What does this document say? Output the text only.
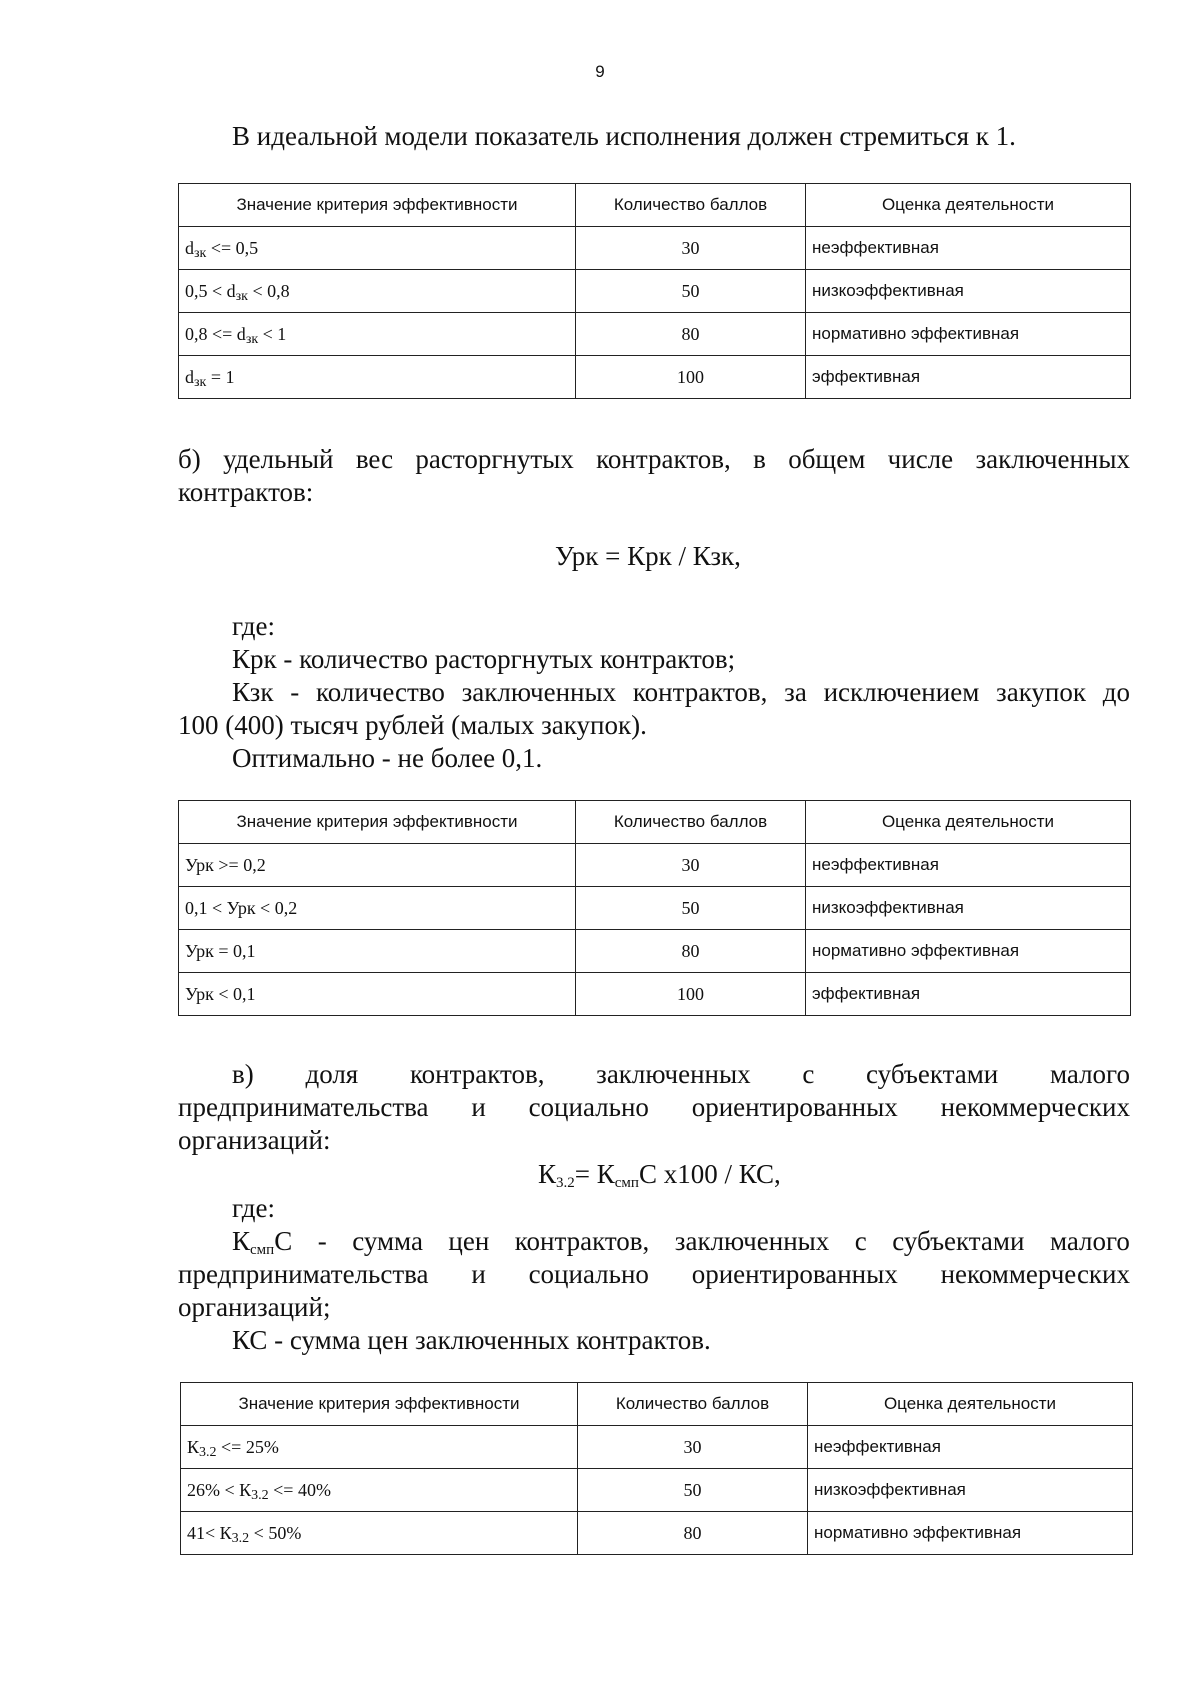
9
В идеальной модели показатель исполнения должен стремиться к 1.
Значение критерия эффективности	Количество баллов	Оценка деятельности
$d_{зк} <= 0,5$	30	неэффективная
$0,5 < d_{зк} < 0,8$	50	низкоэффективная
$0,8 <= d_{зк} < 1$	80	нормативно эффективная
$d_{зк} = 1$	100	эффективная
б) удельный вес расторгнутых контрактов, в общем числе заключенных
контрактов:
Урк = Крк / Кзк,
где:
Крк - количество расторгнутых контрактов;
Кзк - количество заключенных контрактов, за исключением закупок до
100 (400) тысяч рублей (малых закупок).
Оптимально - не более 0,1.
Значение критерия эффективности	Количество баллов	Оценка деятельности
Урк >= 0,2	30	неэффективная
0,1 < Урк < 0,2	50	низкоэффективная
Урк = 0,1	80	нормативно эффективная
Урк < 0,1	100	эффективная
в) доля контрактов, заключенных с субъектами малого
предпринимательства и социально ориентированных некоммерческих
организаций:
$К_{3.2}= К_{смп}С$ х100 / КС,
где:
$К_{смп}С$ - сумма цен контрактов, заключенных с субъектами малого
предпринимательства и социально ориентированных некоммерческих
организаций;
КС - сумма цен заключенных контрактов.
Значение критерия эффективности	Количество баллов	Оценка деятельности
$К_{3.2} <= 25\%$	30	неэффективная
$26\% < К_{3.2} <= 40\%$	50	низкоэффективная
$41< К_{3.2} < 50\%$	80	нормативно эффективная
